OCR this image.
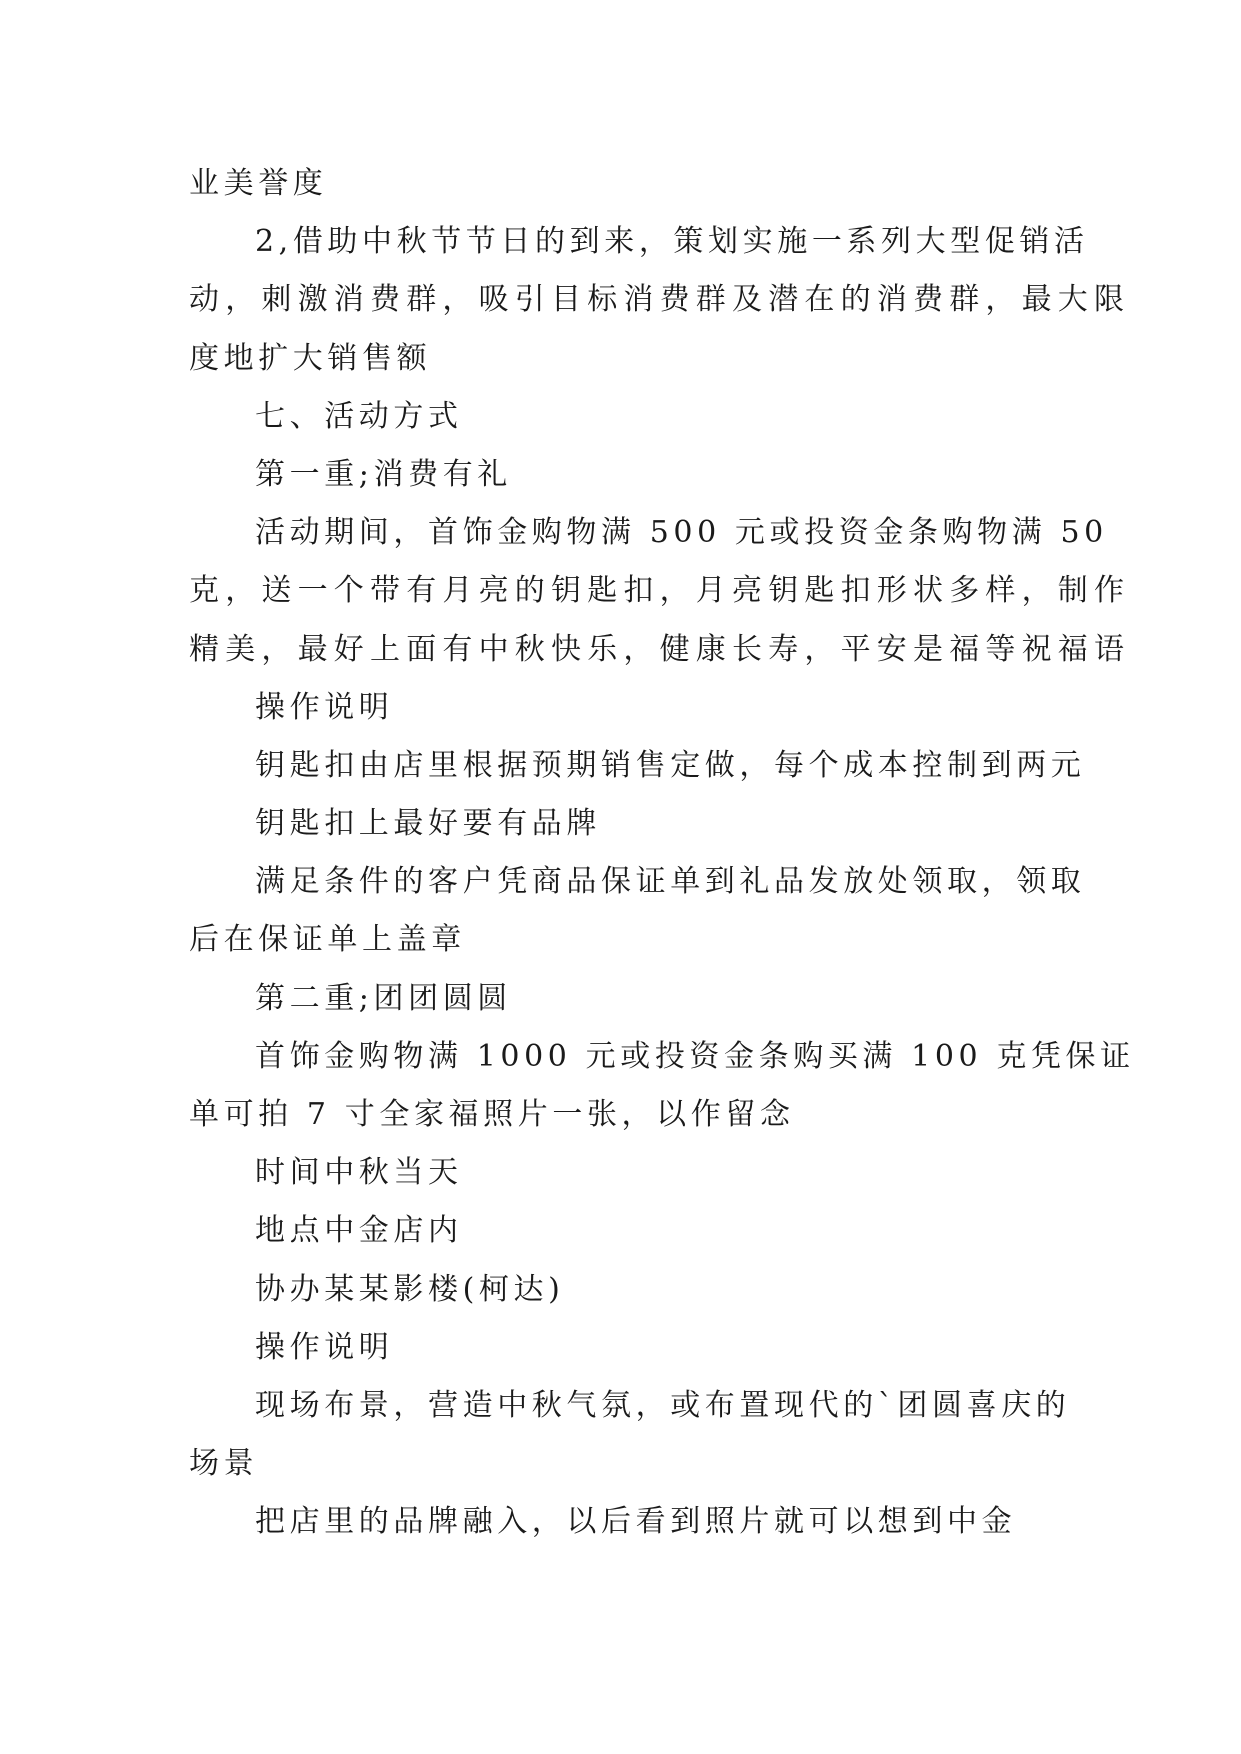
业美誉度
2,借助中秋节节日的到来，策划实施一系列大型促销活
动，刺激消费群，吸引目标消费群及潜在的消费群，最大限
度地扩大销售额
七、活动方式
第一重;消费有礼
活动期间，首饰金购物满 500 元或投资金条购物满 50
克，送一个带有月亮的钥匙扣，月亮钥匙扣形状多样，制作
精美，最好上面有中秋快乐，健康长寿，平安是福等祝福语
操作说明
钥匙扣由店里根据预期销售定做，每个成本控制到两元
钥匙扣上最好要有品牌
满足条件的客户凭商品保证单到礼品发放处领取，领取
后在保证单上盖章
第二重;团团圆圆
首饰金购物满 1000 元或投资金条购买满 100 克凭保证
单可拍 7 寸全家福照片一张，以作留念
时间中秋当天
地点中金店内
协办某某影楼(柯达)
操作说明
现场布景，营造中秋气氛，或布置现代的`团圆喜庆的
场景
把店里的品牌融入，以后看到照片就可以想到中金
